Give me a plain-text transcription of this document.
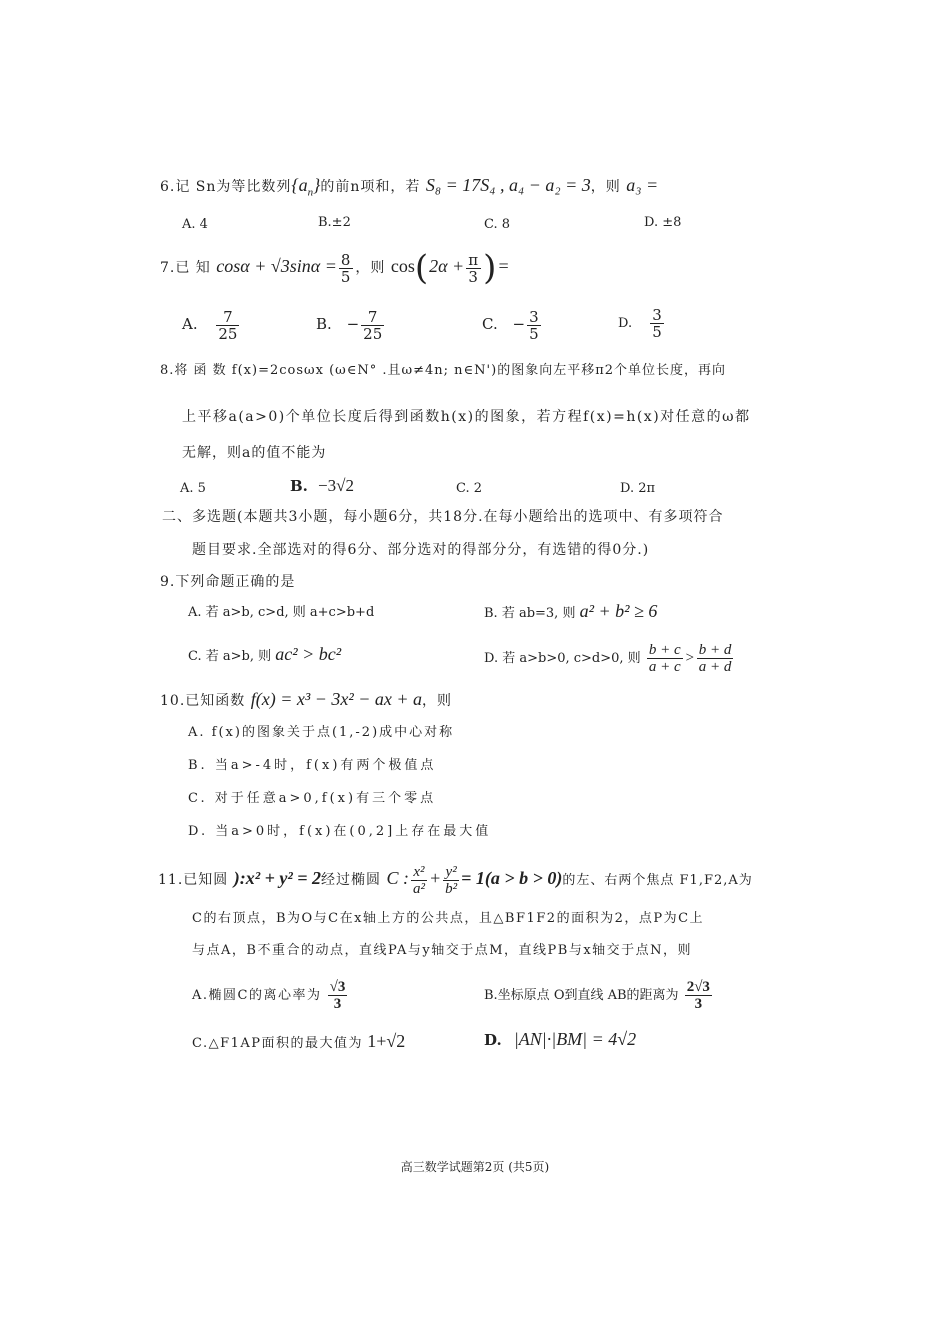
6.记 Sn为等比数列$\{a_n\}$的前n项和，若 S₈ = 17S₄ , a₄ − a₂ = 3，则 a₃ =
A. 4	B.±2	C. 8	D. ±8
7.已 知 $\cos\alpha + √3\sin\alpha = \frac{8}{5}$ ，则 $\cos(2\alpha + \frac{\pi}{3}$ )=
A. $\frac{7}{25}$	B. − $\frac{7}{25}$	C. − $\frac{3}{5}$	D. $\frac{3}{5}$
8.将 函 数 f(x)=2cosωx (ω∈N° .且ω≠4n; n∈N')的图象向左平移π2个单位长度，再向
上平移a(a>0)个单位长度后得到函数h(x)的图象，若方程f(x)=h(x)对任意的ω都
无解，则a的值不能为
A. 5	B. −3√2	C. 2	D. 2π
二、多选题(本题共3小题，每小题6分，共18分.在每小题给出的选项中、有多项符合
题目要求.全部选对的得6分、部分选对的得部分分，有选错的得0分.)
9.下列命题正确的是
A. 若 a>b, c>d, 则 a+c>b+d	B. 若 ab=3, 则 a² + b² ≥ 6
C. 若 a>b, 则 ac² > bc²	D. 若 a>b>0, c>d>0, 则 $\frac{b + c}{a + c} > \frac{b + d}{a + d}$
10.已知函数 f(x) = x³ − 3x² − ax + a，则
A. f(x)的图象关于点(1,-2)成中心对称
B. 当a>-4时，f(x)有两个极值点
C. 对于任意a>0,f(x)有三个零点
D. 当a>0时，f(x)在(0,2]上存在最大值
11.已知圆 ):x² + y² = 2经过椭圆 C : $\frac{\text{x²}}{\text{a²}} + \frac{\text{y²}}{\text{b²}} = 1(a > b > 0)$的左、右两个焦点 F1,F2,A为
C的右顶点，B为O与C在x轴上方的公共点，且△BF1F2的面积为2，点P为C上
与点A，B不重合的动点，直线PA与y轴交于点M，直线PB与x轴交于点N，则
A.椭圆C的离心率为 $\frac{√3}{3}$	B.坐标原点 O到直线 AB的距离为 $\frac{2√3}{3}$
C.△F1AP面积的最大值为 1+√2	D. |AN|·|BM| = 4√2
高三数学试题第2页 (共5页)
